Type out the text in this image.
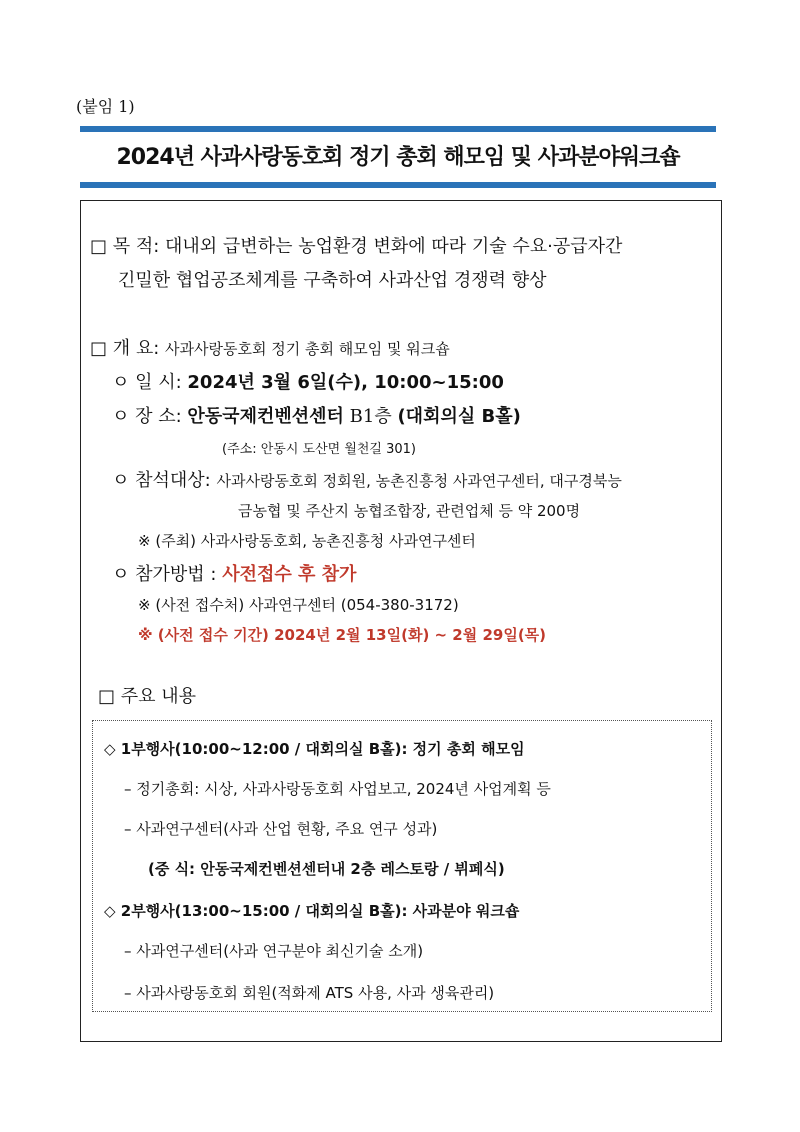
(붙임 1)
2024년 사과사랑동호회 정기 총회 해모임 및 사과분야워크숍
□ 목 적: 대내외 급변하는 농업환경 변화에 따라 기술 수요·공급자간
긴밀한 협업공조체계를 구축하여 사과산업 경쟁력 향상
□ 개 요: 사과사랑동호회 정기 총회 해모임 및 워크숍
ㅇ 일 시: 2024년 3월 6일(수), 10:00~15:00
ㅇ 장 소: 안동국제컨벤션센터 B1층 (대회의실 B홀)
(주소: 안동시 도산면 월천길 301)
ㅇ 참석대상: 사과사랑동호회 정회원, 농촌진흥청 사과연구센터, 대구경북능
금농협 및 주산지 농협조합장, 관련업체 등 약 200명
※ (주최) 사과사랑동호회, 농촌진흥청 사과연구센터
ㅇ 참가방법 : 사전접수 후 참가
※ (사전 접수처) 사과연구센터 (054-380-3172)
※ (사전 접수 기간) 2024년 2월 13일(화) ~ 2월 29일(목)
□ 주요 내용
◇ 1부행사(10:00~12:00 / 대회의실 B홀): 정기 총회 해모임
– 정기총회: 시상, 사과사랑동호회 사업보고, 2024년 사업계획 등
– 사과연구센터(사과 산업 현황, 주요 연구 성과)
(중 식: 안동국제컨벤션센터내 2층 레스토랑 / 뷔페식)
◇ 2부행사(13:00~15:00 / 대회의실 B홀): 사과분야 워크숍
– 사과연구센터(사과 연구분야 최신기술 소개)
– 사과사랑동호회 회원(적화제 ATS 사용, 사과 생육관리)
